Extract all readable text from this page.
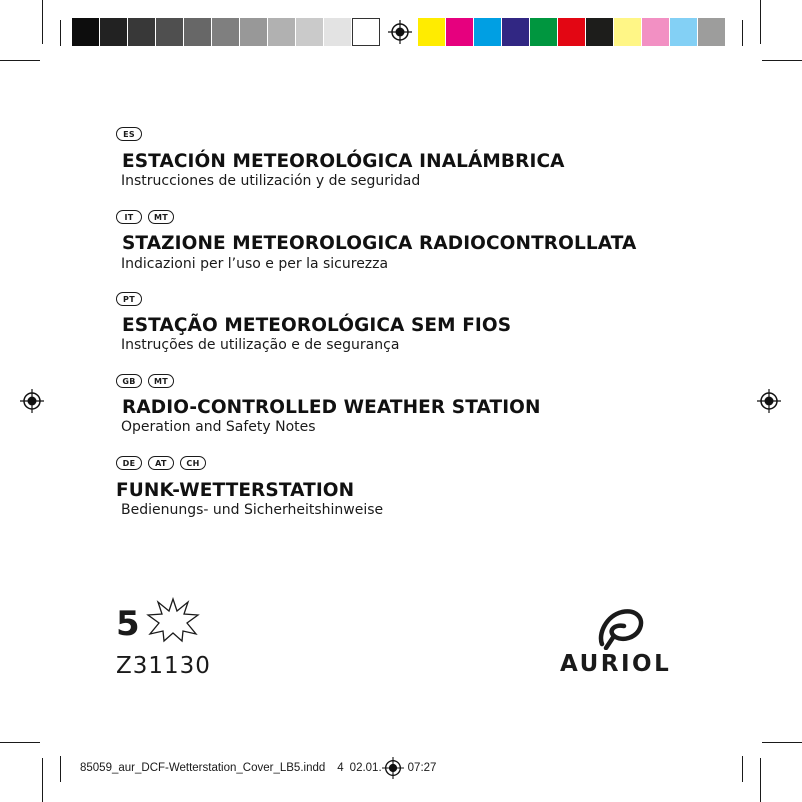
ES
ESTACIÓN METEOROLÓGICA INALÁMBRICA
Instrucciones de utilización y de seguridad
IT	MT
STAZIONE METEOROLOGICA RADIOCONTROLLATA
Indicazioni per l’uso e per la sicurezza
PT
ESTAÇÃO METEOROLÓGICA SEM FIOS
Instruções de utilização e de segurança
GB	MT
RADIO-CONTROLLED WEATHER STATION
Operation and Safety Notes
DE	AT	CH
FUNK-WETTERSTATION
Bedienungs- und Sicherheitshinweise
5
Z31130	AURIOL
85059_aur_DCF-Wetterstation_Cover_LB5.indd 4 02.01. 07:27
